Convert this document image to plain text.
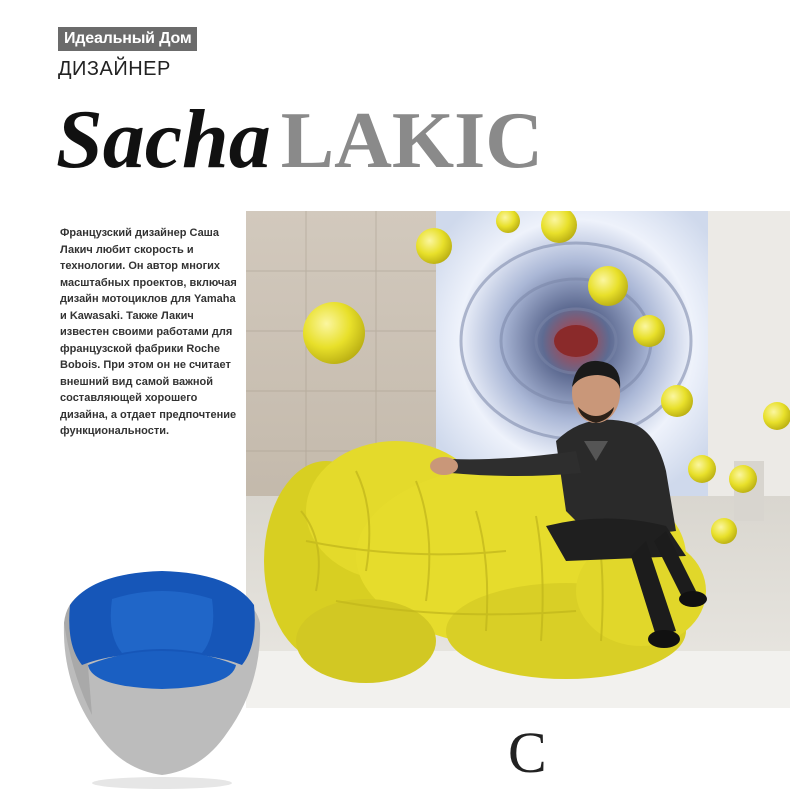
Идеальный Дом
ДИЗАЙНЕР
Sacha LAKIC
Французский дизайнер Саша Лакич любит скорость и технологии. Он автор многих масштабных проектов, включая дизайн мотоциклов для Yamaha и Kawasaki. Также Лакич известен своими работами для французской фабрики Roche Bobois. При этом он не считает внешний вид самой важной составляющей хорошего дизайна, а отдает предпочтение функциональности.
С
